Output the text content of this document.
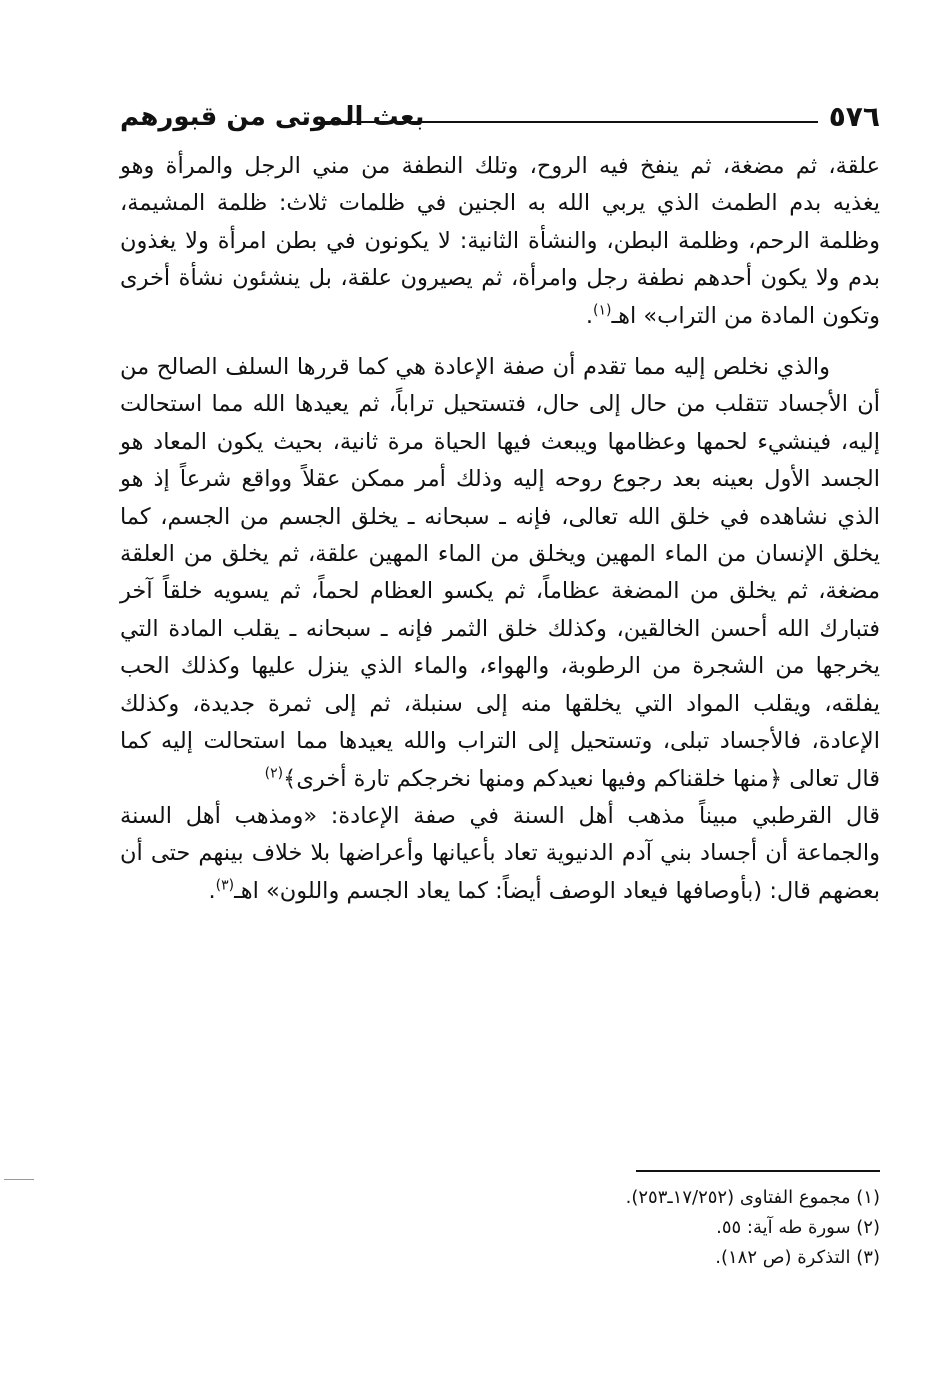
٥٧٦
بعث الموتى من قبورهم

علقة، ثم مضغة، ثم ينفخ فيه الروح، وتلك النطفة من مني الرجل والمرأة وهو يغذيه بدم الطمث الذي يربي الله به الجنين في ظلمات ثلاث: ظلمة المشيمة، وظلمة الرحم، وظلمة البطن، والنشأة الثانية: لا يكونون في بطن امرأة ولا يغذون بدم ولا يكون أحدهم نطفة رجل وامرأة، ثم يصيرون علقة، بل ينشئون نشأة أخرى وتكون المادة من التراب» اهـ$^{(١)}$.

والذي نخلص إليه مما تقدم أن صفة الإعادة هي كما قررها السلف الصالح من أن الأجساد تتقلب من حال إلى حال، فتستحيل تراباً، ثم يعيدها الله مما استحالت إليه، فينشيء لحمها وعظامها ويبعث فيها الحياة مرة ثانية، بحيث يكون المعاد هو الجسد الأول بعينه بعد رجوع روحه إليه وذلك أمر ممكن عقلاً وواقع شرعاً إذ هو الذي نشاهده في خلق الله تعالى، فإنه ـ سبحانه ـ يخلق الجسم من الجسم، كما يخلق الإنسان من الماء المهين ويخلق من الماء المهين علقة، ثم يخلق من العلقة مضغة، ثم يخلق من المضغة عظاماً، ثم يكسو العظام لحماً، ثم يسويه خلقاً آخر فتبارك الله أحسن الخالقين، وكذلك خلق الثمر فإنه ـ سبحانه ـ يقلب المادة التي يخرجها من الشجرة من الرطوبة، والهواء، والماء الذي ينزل عليها وكذلك الحب يفلقه، ويقلب المواد التي يخلقها منه إلى سنبلة، ثم إلى ثمرة جديدة، وكذلك الإعادة، فالأجساد تبلى، وتستحيل إلى التراب والله يعيدها مما استحالت إليه كما قال تعالى ﴿منها خلقناكم وفيها نعيدكم ومنها نخرجكم تارة أخرى﴾$^{(٢)}$

قال القرطبي مبيناً مذهب أهل السنة في صفة الإعادة: «ومذهب أهل السنة والجماعة أن أجساد بني آدم الدنيوية تعاد بأعيانها وأعراضها بلا خلاف بينهم حتى أن بعضهم قال: (بأوصافها فيعاد الوصف أيضاً: كما يعاد الجسم واللون» اهـ$^{(٣)}$.

(١) مجموع الفتاوى (١٧/٢٥٢ـ٢٥٣).
(٢) سورة طه آية: ٥٥.
(٣) التذكرة (ص ١٨٢).
